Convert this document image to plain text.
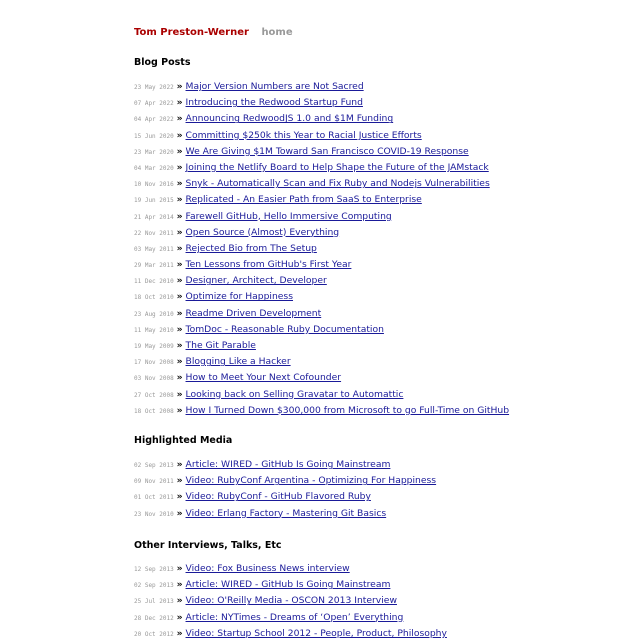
Tom Preston-Werner home
Blog Posts
23 May 2022 » Major Version Numbers are Not Sacred
07 Apr 2022 » Introducing the Redwood Startup Fund
04 Apr 2022 » Announcing RedwoodJS 1.0 and $1M Funding
15 Jun 2020 » Committing $250k this Year to Racial Justice Efforts
23 Mar 2020 » We Are Giving $1M Toward San Francisco COVID-19 Response
04 Mar 2020 » Joining the Netlify Board to Help Shape the Future of the JAMstack
10 Nov 2016 » Snyk - Automatically Scan and Fix Ruby and Nodejs Vulnerabilities
19 Jun 2015 » Replicated - An Easier Path from SaaS to Enterprise
21 Apr 2014 » Farewell GitHub, Hello Immersive Computing
22 Nov 2011 » Open Source (Almost) Everything
03 May 2011 » Rejected Bio from The Setup
29 Mar 2011 » Ten Lessons from GitHub's First Year
11 Dec 2010 » Designer, Architect, Developer
18 Oct 2010 » Optimize for Happiness
23 Aug 2010 » Readme Driven Development
11 May 2010 » TomDoc - Reasonable Ruby Documentation
19 May 2009 » The Git Parable
17 Nov 2008 » Blogging Like a Hacker
03 Nov 2008 » How to Meet Your Next Cofounder
27 Oct 2008 » Looking back on Selling Gravatar to Automattic
18 Oct 2008 » How I Turned Down $300,000 from Microsoft to go Full-Time on GitHub
Highlighted Media
02 Sep 2013 » Article: WIRED - GitHub Is Going Mainstream
09 Nov 2011 » Video: RubyConf Argentina - Optimizing For Happiness
01 Oct 2011 » Video: RubyConf - GitHub Flavored Ruby
23 Nov 2010 » Video: Erlang Factory - Mastering Git Basics
Other Interviews, Talks, Etc
12 Sep 2013 » Video: Fox Business News interview
02 Sep 2013 » Article: WIRED - GitHub Is Going Mainstream
25 Jul 2013 » Video: O'Reilly Media - OSCON 2013 Interview
28 Dec 2012 » Article: NYTimes - Dreams of ‘Open’ Everything
20 Oct 2012 » Video: Startup School 2012 - People, Product, Philosophy
